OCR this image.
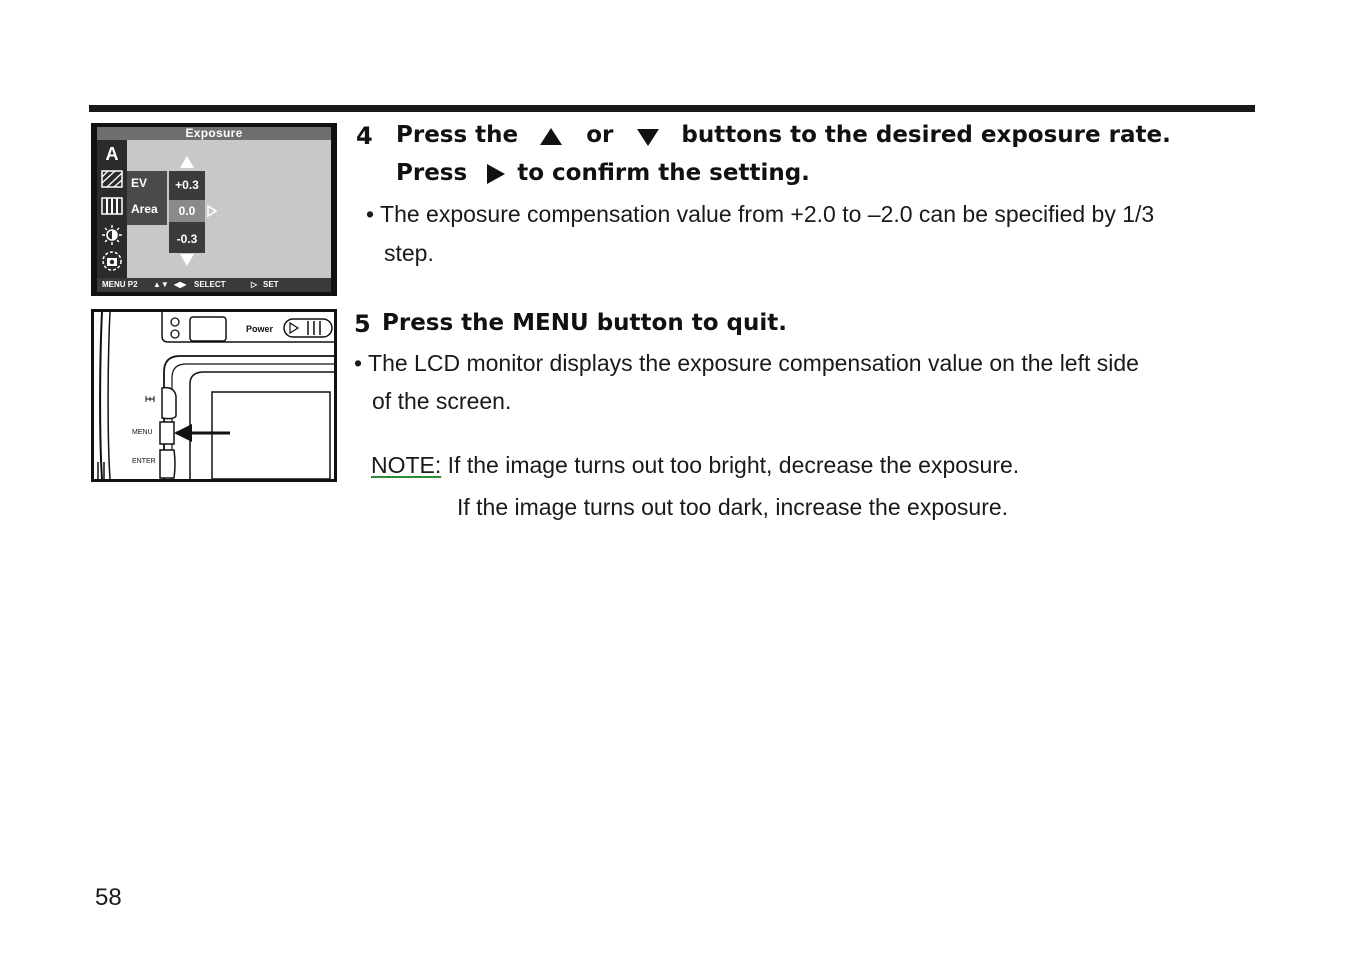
Exposure
A
EV
Area
+0.3
0.0
-0.3
MENU P2 ▲▼ ◀▶ SELECT	▷ SET
Power
MENU
ENTER
4 Press the	or	buttons to the desired exposure rate.
Press to confirm the setting.
• The exposure compensation value from +2.0 to –2.0 can be specified by 1/3
step.
5 Press the MENU button to quit.
• The LCD monitor displays the exposure compensation value on the left side
of the screen.
NOTE: If the image turns out too bright, decrease the exposure.
If the image turns out too dark, increase the exposure.
58
